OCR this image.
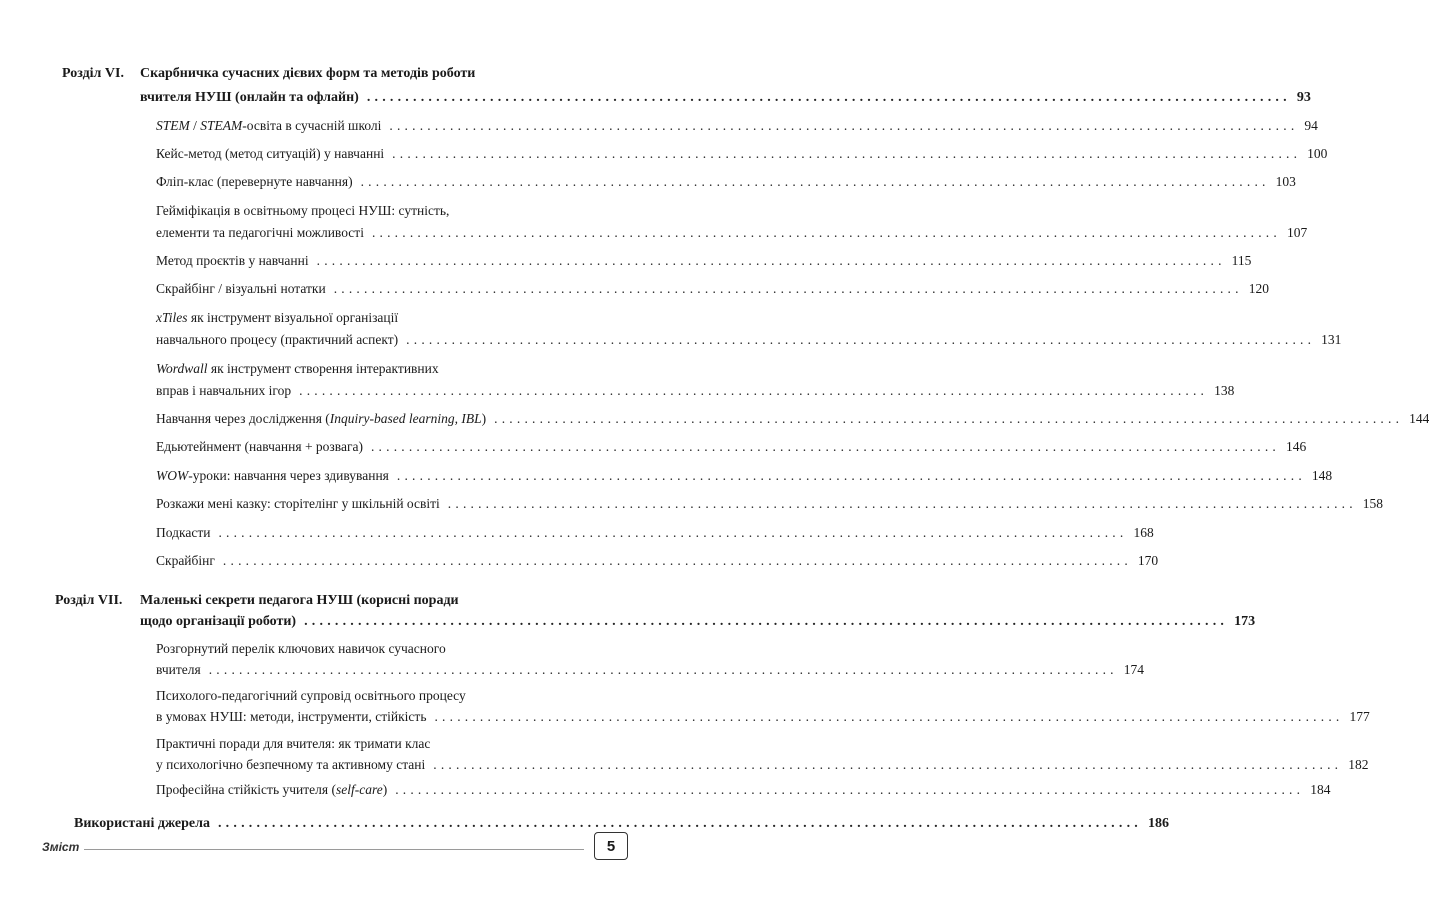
Розділ VI. Скарбничка сучасних дієвих форм та методів роботи
вчителя НУШ (онлайн та офлайн) ........................................................................................................................ 93
STEM / STEAM-освіта в сучасній школі ........................................................................................................................ 94
Кейс-метод (метод ситуацій) у навчанні ........................................................................................................................ 100
Фліп-клас (перевернуте навчання) ........................................................................................................................ 103
Гейміфікація в освітньому процесі НУШ: сутність,
елементи та педагогічні можливості ........................................................................................................................ 107
Метод проєктів у навчанні ........................................................................................................................ 115
Скрайбінг / візуальні нотатки ........................................................................................................................ 120
xTiles як інструмент візуальної організації
навчального процесу (практичний аспект) ........................................................................................................................ 131
Wordwall як інструмент створення інтерактивних
вправ і навчальних ігор ........................................................................................................................ 138
Навчання через дослідження (Inquiry-based learning, IBL) ........................................................................................................................ 144
Едьютейнмент (навчання + розвага) ........................................................................................................................ 146
WOW-уроки: навчання через здивування ........................................................................................................................ 148
Розкажи мені казку: сторітелінг у шкільній освіті ........................................................................................................................ 158
Подкасти ........................................................................................................................ 168
Скрайбінг ........................................................................................................................ 170
Розділ VII. Маленькі секрети педагога НУШ (корисні поради
щодо організації роботи) ........................................................................................................................ 173
Розгорнутий перелік ключових навичок сучасного
вчителя ........................................................................................................................ 174
Психолого-педагогічний супровід освітнього процесу
в умовах НУШ: методи, інструменти, стійкість ........................................................................................................................ 177
Практичні поради для вчителя: як тримати клас
у психологічно безпечному та активному стані ........................................................................................................................ 182
Професійна стійкість учителя (self-care) ........................................................................................................................ 184
Використані джерела ........................................................................................................................ 186
Зміст	5
